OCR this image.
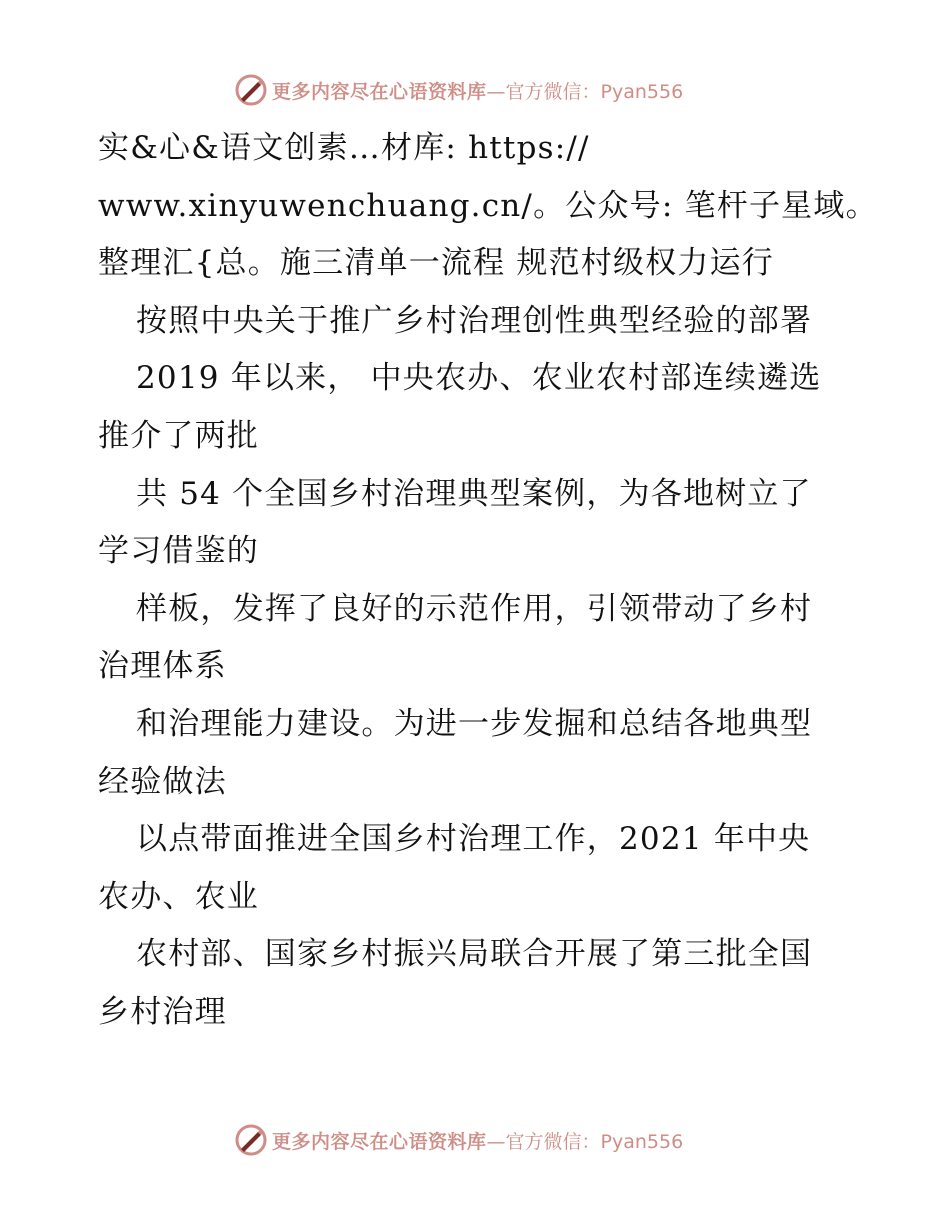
更多内容尽在心语资料库 —官方微信：Pyan556
实&心&语文创素…材库: https://
www.xinyuwenchuang.cn/。公众号: 笔杆子星域。
整理汇{总。施三清单一流程 规范村级权力运行
按照中央关于推广乡村治理创性典型经验的部署
2019 年以来， 中央农办、农业农村部连续遴选
推介了两批
共 54 个全国乡村治理典型案例，为各地树立了
学习借鉴的
样板，发挥了良好的示范作用，引领带动了乡村
治理体系
和治理能力建设。为进一步发掘和总结各地典型
经验做法
以点带面推进全国乡村治理工作，2021 年中央
农办、农业
农村部、国家乡村振兴局联合开展了第三批全国
乡村治理
更多内容尽在心语资料库 —官方微信：Pyan556
